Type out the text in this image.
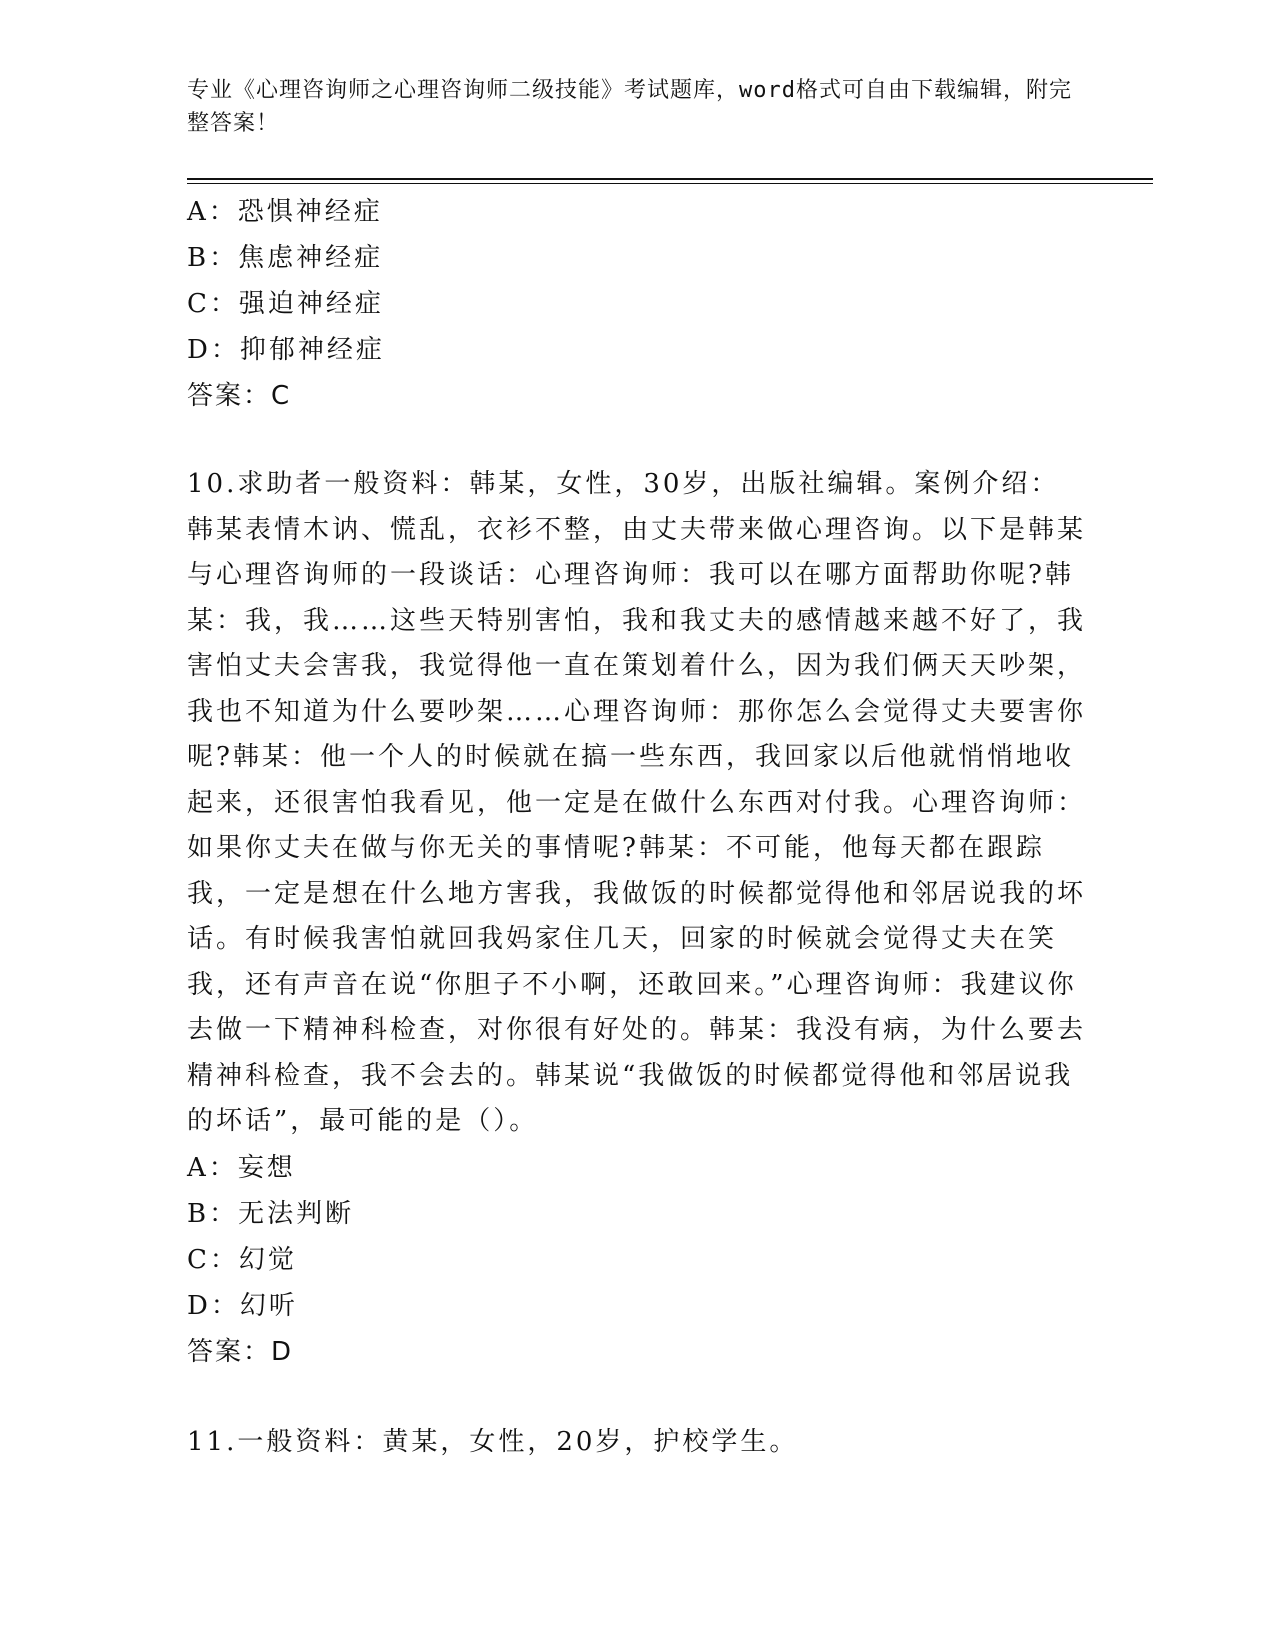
专业《心理咨询师之心理咨询师二级技能》考试题库，word格式可自由下载编辑，附完整答案！
A：恐惧神经症
B：焦虑神经症
C：强迫神经症
D：抑郁神经症
答案：C

10.求助者一般资料：韩某，女性，30岁，出版社编辑。案例介绍：韩某表情木讷、慌乱，衣衫不整，由丈夫带来做心理咨询。以下是韩某与心理咨询师的一段谈话：心理咨询师：我可以在哪方面帮助你呢?韩某：我，我……这些天特别害怕，我和我丈夫的感情越来越不好了，我害怕丈夫会害我，我觉得他一直在策划着什么，因为我们俩天天吵架，我也不知道为什么要吵架……心理咨询师：那你怎么会觉得丈夫要害你呢?韩某：他一个人的时候就在搞一些东西，我回家以后他就悄悄地收起来，还很害怕我看见，他一定是在做什么东西对付我。心理咨询师：如果你丈夫在做与你无关的事情呢?韩某：不可能，他每天都在跟踪我，一定是想在什么地方害我，我做饭的时候都觉得他和邻居说我的坏话。有时候我害怕就回我妈家住几天，回家的时候就会觉得丈夫在笑我，还有声音在说“你胆子不小啊，还敢回来。”心理咨询师：我建议你去做一下精神科检查，对你很有好处的。韩某：我没有病，为什么要去精神科检查，我不会去的。韩某说“我做饭的时候都觉得他和邻居说我的坏话”，最可能的是（）。

A：妄想
B：无法判断
C：幻觉
D：幻听
答案：D

11.一般资料：黄某，女性，20岁，护校学生。
